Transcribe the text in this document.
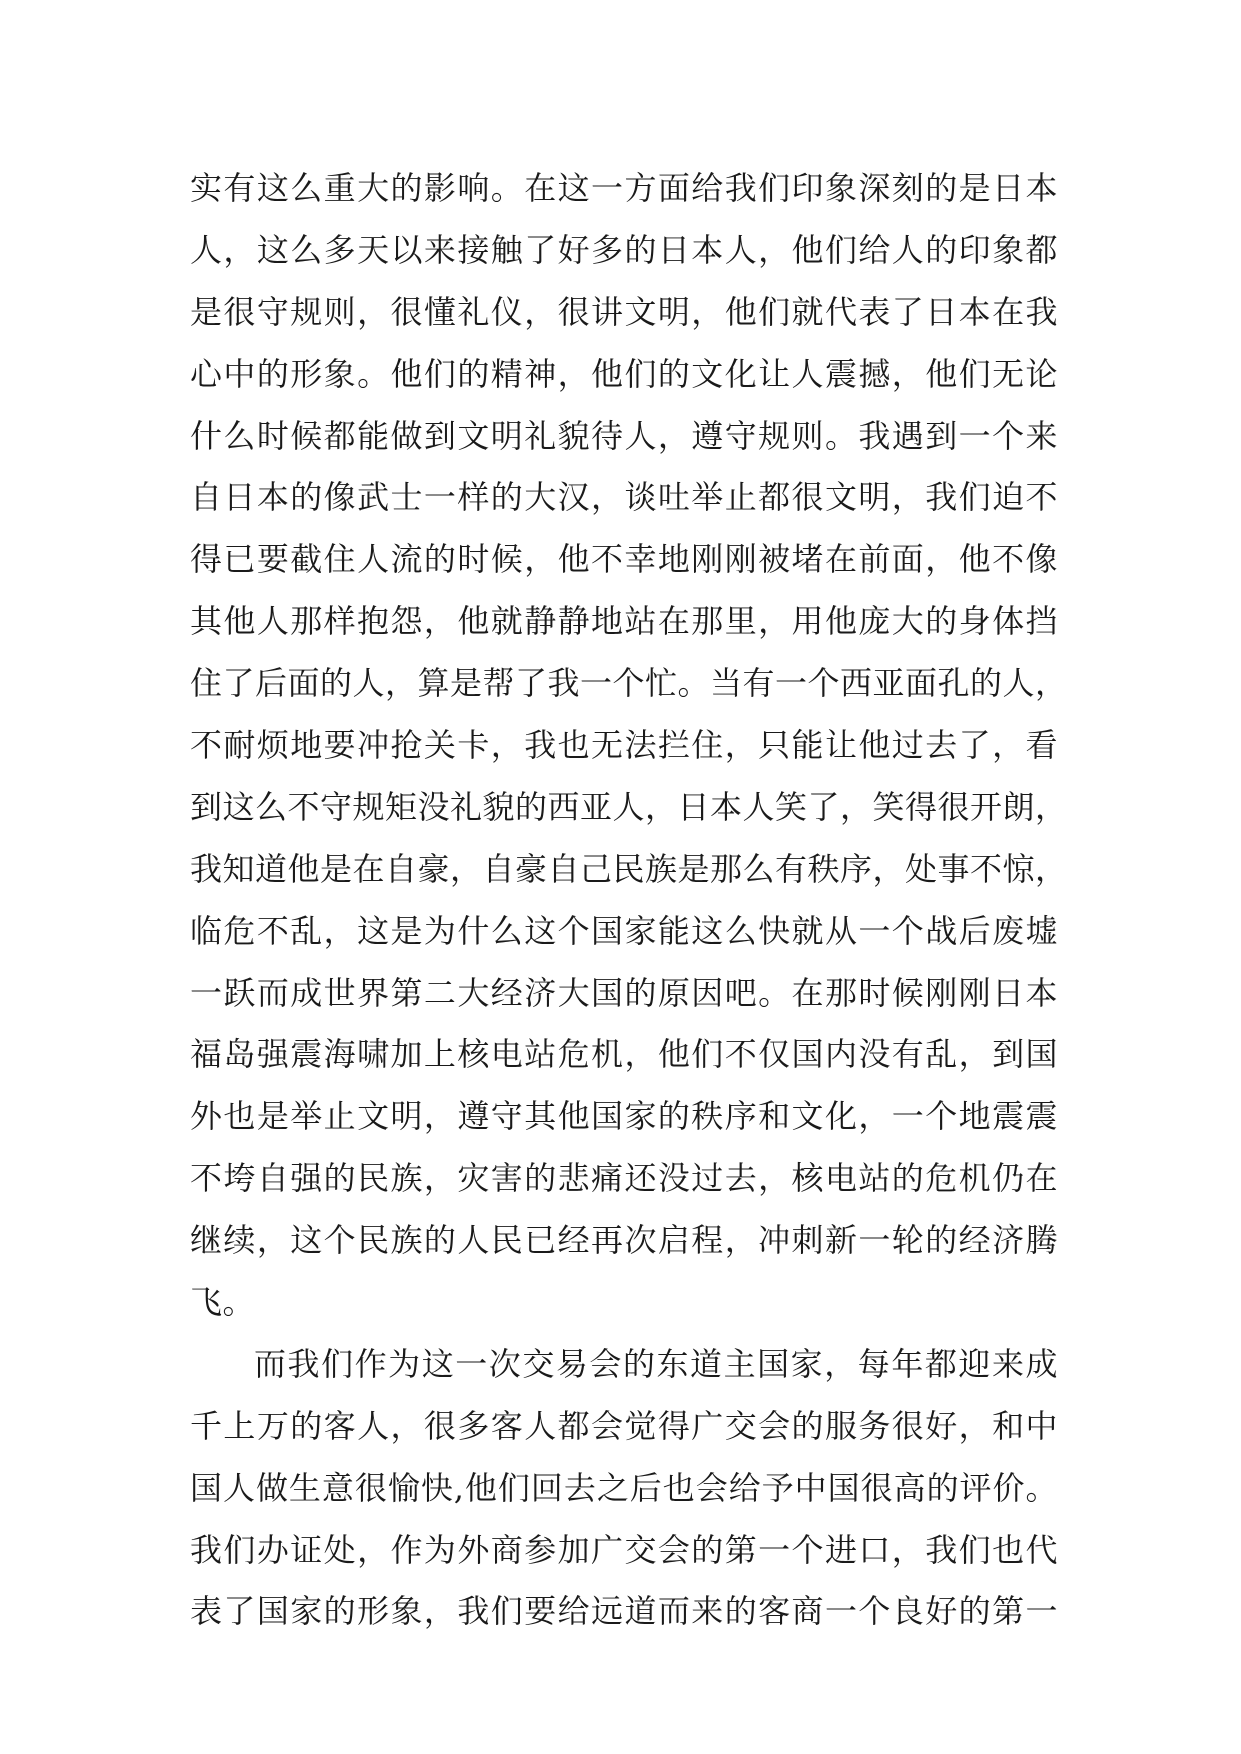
实有这么重大的影响。在这一方面给我们印象深刻的是日本
人，这么多天以来接触了好多的日本人，他们给人的印象都
是很守规则，很懂礼仪，很讲文明，他们就代表了日本在我
心中的形象。他们的精神，他们的文化让人震撼，他们无论
什么时候都能做到文明礼貌待人，遵守规则。我遇到一个来
自日本的像武士一样的大汉，谈吐举止都很文明，我们迫不
得已要截住人流的时候，他不幸地刚刚被堵在前面，他不像
其他人那样抱怨，他就静静地站在那里，用他庞大的身体挡
住了后面的人，算是帮了我一个忙。当有一个西亚面孔的人，
不耐烦地要冲抢关卡，我也无法拦住，只能让他过去了，看
到这么不守规矩没礼貌的西亚人，日本人笑了，笑得很开朗，
我知道他是在自豪，自豪自己民族是那么有秩序，处事不惊，
临危不乱，这是为什么这个国家能这么快就从一个战后废墟
一跃而成世界第二大经济大国的原因吧。在那时候刚刚日本
福岛强震海啸加上核电站危机，他们不仅国内没有乱，到国
外也是举止文明，遵守其他国家的秩序和文化，一个地震震
不垮自强的民族，灾害的悲痛还没过去，核电站的危机仍在
继续，这个民族的人民已经再次启程，冲刺新一轮的经济腾
飞。
而我们作为这一次交易会的东道主国家，每年都迎来成
千上万的客人，很多客人都会觉得广交会的服务很好，和中
国人做生意很愉快,他们回去之后也会给予中国很高的评价。
我们办证处，作为外商参加广交会的第一个进口，我们也代
表了国家的形象，我们要给远道而来的客商一个良好的第一
